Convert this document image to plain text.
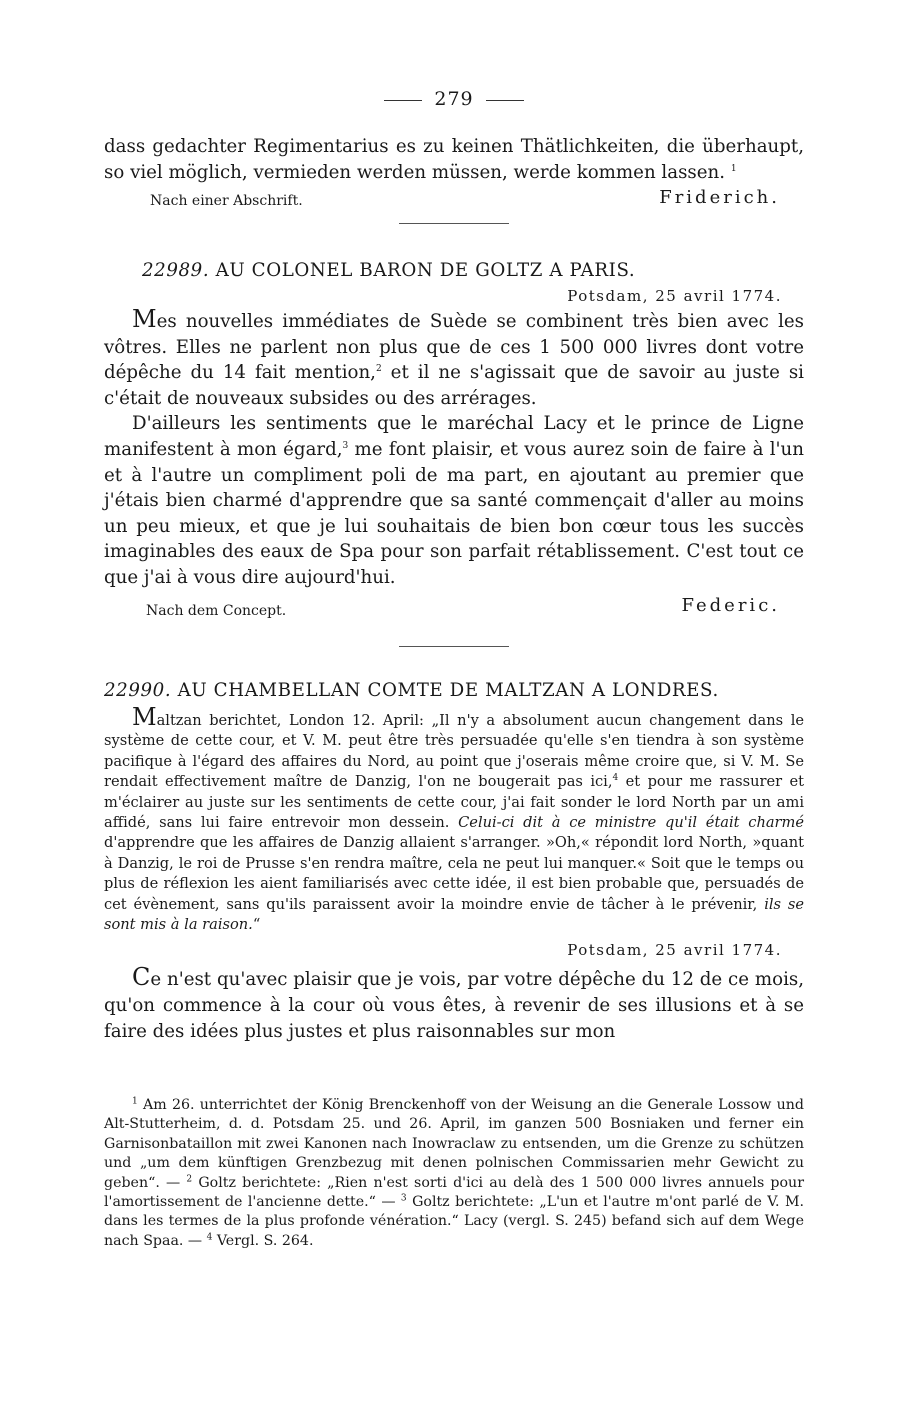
279

dass gedachter Regimentarius es zu keinen Thätlichkeiten, die überhaupt, so viel möglich, vermieden werden müssen, werde kommen lassen. $^1$

Nach einer Abschrift.	Friderich.
22989. AU COLONEL BARON DE GOLTZ A PARIS.
Potsdam, 25 avril 1774.

Mes nouvelles immédiates de Suède se combinent très bien avec les vôtres. Elles ne parlent non plus que de ces 1 500 000 livres dont votre dépêche du 14 fait mention,$^2$ et il ne s'agissait que de savoir au juste si c'était de nouveaux subsides ou des arrérages.

D'ailleurs les sentiments que le maréchal Lacy et le prince de Ligne manifestent à mon égard,$^3$ me font plaisir, et vous aurez soin de faire à l'un et à l'autre un compliment poli de ma part, en ajoutant au premier que j'étais bien charmé d'apprendre que sa santé commençait d'aller au moins un peu mieux, et que je lui souhaitais de bien bon cœur tous les succès imaginables des eaux de Spa pour son parfait rétablissement. C'est tout ce que j'ai à vous dire aujourd'hui.

Nach dem Concept.	Federic.
22990. AU CHAMBELLAN COMTE DE MALTZAN A LONDRES.

Maltzan berichtet, London 12. April: „Il n'y a absolument aucun changement dans le système de cette cour, et V. M. peut être très persuadée qu'elle s'en tiendra à son système pacifique à l'égard des affaires du Nord, au point que j'oserais même croire que, si V. M. Se rendait effectivement maître de Danzig, l'on ne bougerait pas ici,$^4$ et pour me rassurer et m'éclairer au juste sur les sentiments de cette cour, j'ai fait sonder le lord North par un ami affidé, sans lui faire entrevoir mon dessein. Celui-ci dit à ce ministre qu'il était charmé d'apprendre que les affaires de Danzig allaient s'arranger. »Oh,« répondit lord North, »quant à Danzig, le roi de Prusse s'en rendra maître, cela ne peut lui manquer.« Soit que le temps ou plus de réflexion les aient familiarisés avec cette idée, il est bien probable que, persuadés de cet évènement, sans qu'ils paraissent avoir la moindre envie de tâcher à le prévenir, ils se sont mis à la raison.“

Potsdam, 25 avril 1774.

Ce n'est qu'avec plaisir que je vois, par votre dépêche du 12 de ce mois, qu'on commence à la cour où vous êtes, à revenir de ses illusions et à se faire des idées plus justes et plus raisonnables sur mon

$^1$ Am 26. unterrichtet der König Brenckenhoff von der Weisung an die Generale Lossow und Alt-Stutterheim, d. d. Potsdam 25. und 26. April, im ganzen 500 Bosniaken und ferner ein Garnisonbataillon mit zwei Kanonen nach Inowraclaw zu entsenden, um die Grenze zu schützen und „um dem künftigen Grenzbezug mit denen polnischen Commissarien mehr Gewicht zu geben“. — $^2$ Goltz berichtete: „Rien n'est sorti d'ici au delà des 1 500 000 livres annuels pour l'amortissement de l'ancienne dette.“ — $^3$ Goltz berichtete: „L'un et l'autre m'ont parlé de V. M. dans les termes de la plus profonde vénération.“ Lacy (vergl. S. 245) befand sich auf dem Wege nach Spaa. — $^4$ Vergl. S. 264.
